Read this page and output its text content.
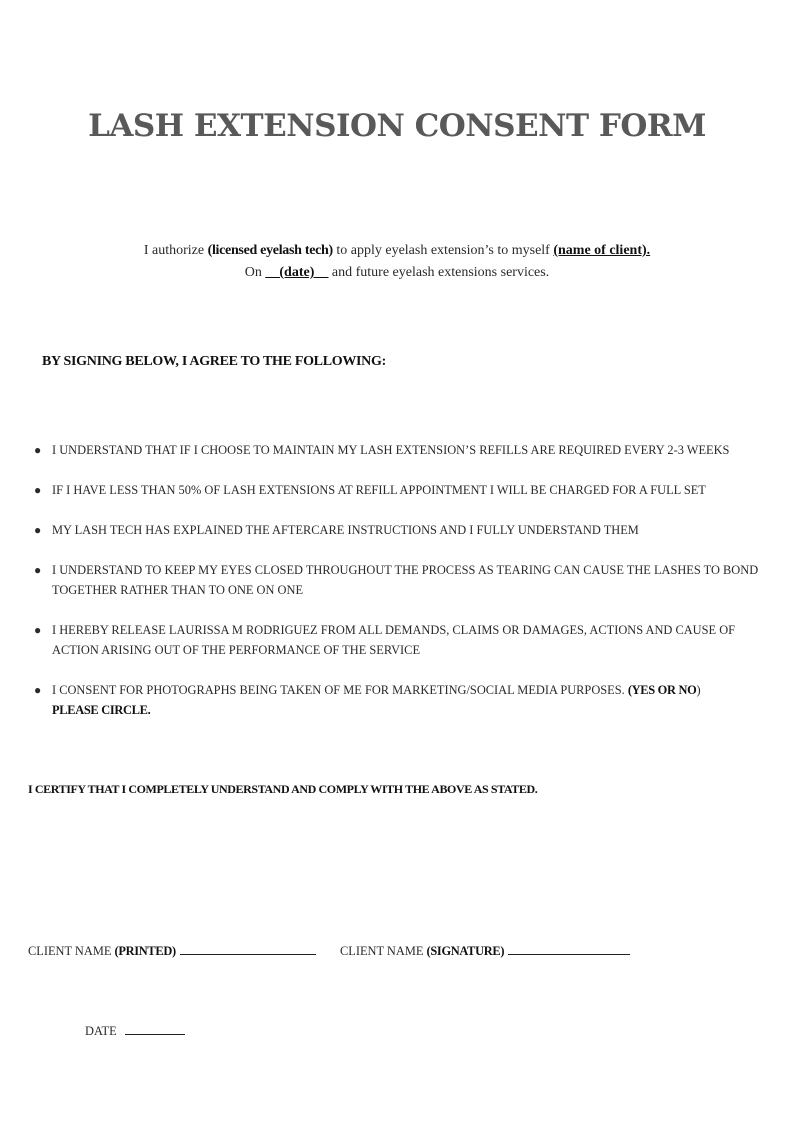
LASH EXTENSION CONSENT FORM
I authorize (licensed eyelash tech) to apply eyelash extension’s to myself (name of client).
On __(date)__ and future eyelash extensions services.
BY SIGNING BELOW, I AGREE TO THE FOLLOWING:
● I UNDERSTAND THAT IF I CHOOSE TO MAINTAIN MY LASH EXTENSION’S REFILLS ARE REQUIRED EVERY 2-3 WEEKS
● IF I HAVE LESS THAN 50% OF LASH EXTENSIONS AT REFILL APPOINTMENT I WILL BE CHARGED FOR A FULL SET
● MY LASH TECH HAS EXPLAINED THE AFTERCARE INSTRUCTIONS AND I FULLY UNDERSTAND THEM
● I UNDERSTAND TO KEEP MY EYES CLOSED THROUGHOUT THE PROCESS AS TEARING CAN CAUSE THE LASHES TO BOND TOGETHER RATHER THAN TO ONE ON ONE
● I HEREBY RELEASE LAURISSA M RODRIGUEZ FROM ALL DEMANDS, CLAIMS OR DAMAGES, ACTIONS AND CAUSE OF ACTION ARISING OUT OF THE PERFORMANCE OF THE SERVICE
● I CONSENT FOR PHOTOGRAPHS BEING TAKEN OF ME FOR MARKETING/SOCIAL MEDIA PURPOSES. (YES OR NO)
PLEASE CIRCLE.
I CERTIFY THAT I COMPLETELY UNDERSTAND AND COMPLY WITH THE ABOVE AS STATED.
CLIENT NAME (PRINTED)	CLIENT NAME (SIGNATURE)
DATE
